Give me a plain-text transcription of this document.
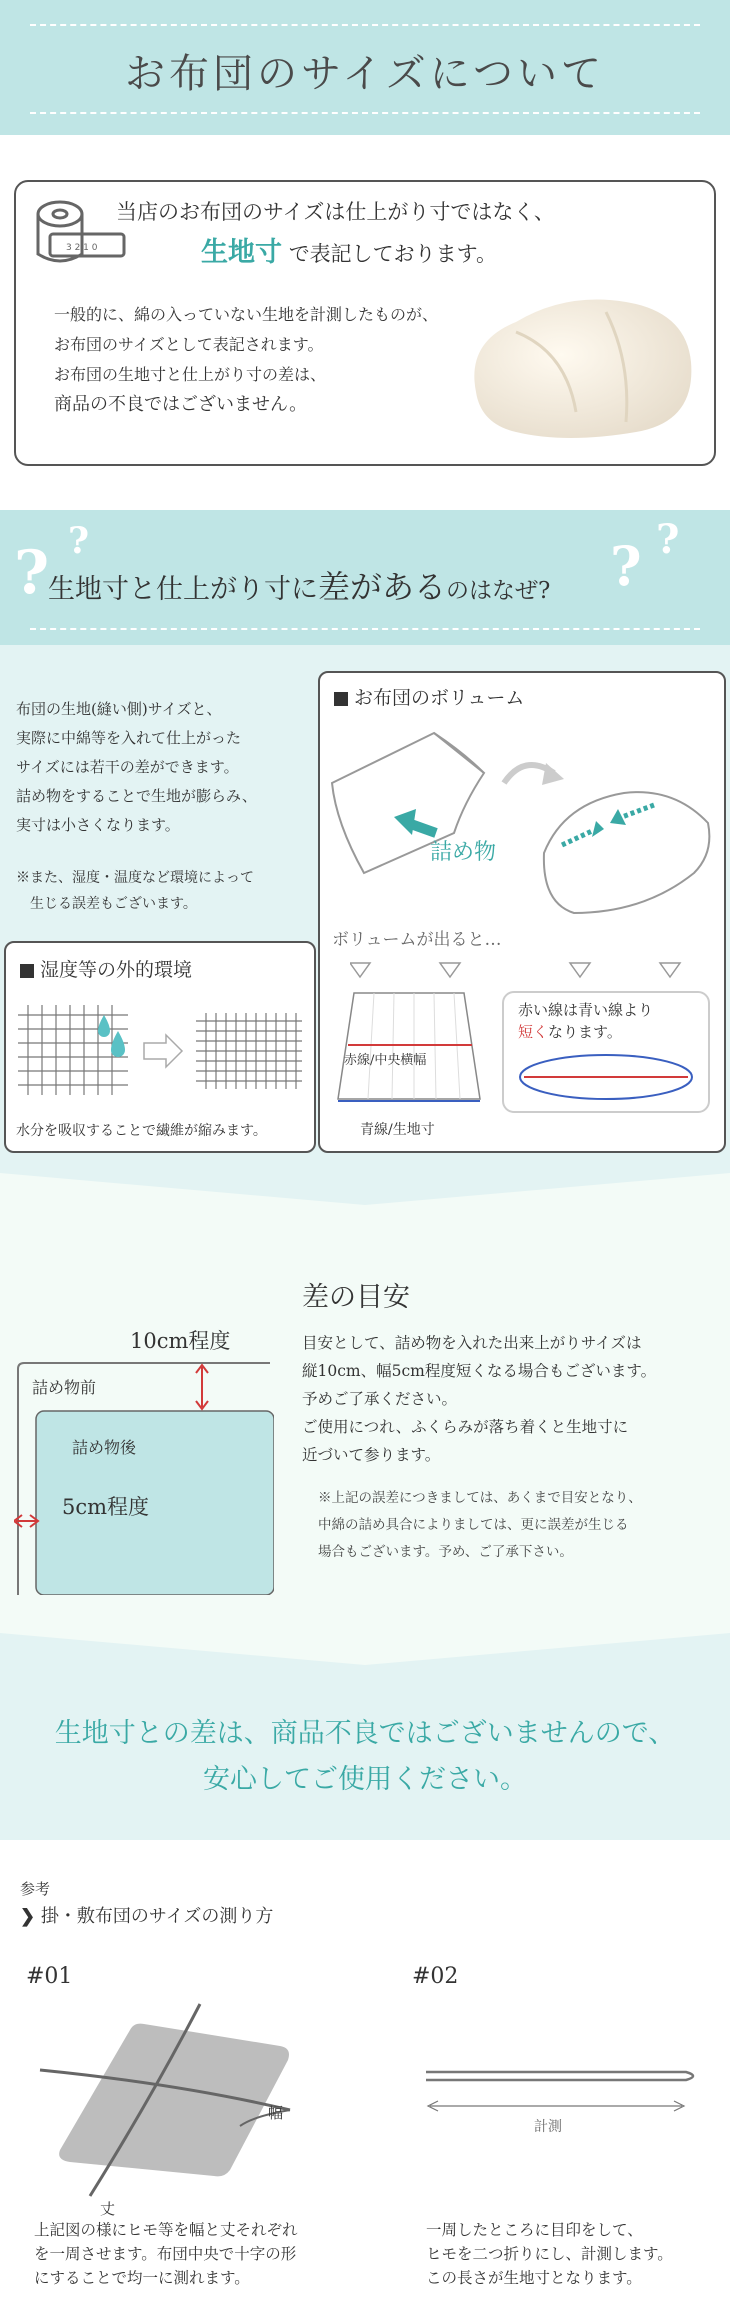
お布団のサイズについて
3 2 1 0
当店のお布団のサイズは仕上がり寸ではなく、
生地寸 で表記しております。
一般的に、綿の入っていない生地を計測したものが、
お布団のサイズとして表記されます。
お布団の生地寸と仕上がり寸の差は、
商品の不良ではございません。
? ?	? ?
生地寸と仕上がり寸に差があるのはなぜ?
布団の生地(縫い側)サイズと、
実際に中綿等を入れて仕上がった
サイズには若干の差ができます。
詰め物をすることで生地が膨らみ、
実寸は小さくなります。
※また、湿度・温度など環境によって
生じる誤差もございます。
湿度等の外的環境
水分を吸収することで繊維が縮みます。
お布団のボリューム
詰め物
ボリュームが出ると…
赤線/中央横幅
青線/生地寸
赤い線は青い線より
短くなります。
差の目安
10cm程度
詰め物前
詰め物後
5cm程度
目安として、詰め物を入れた出来上がりサイズは
縦10cm、幅5cm程度短くなる場合もございます。
予めご了承ください。
ご使用につれ、ふくらみが落ち着くと生地寸に
近づいて参ります。
※上記の誤差につきましては、あくまで目安となり、
中綿の詰め具合によりましては、更に誤差が生じる
場合もございます。予め、ご了承下さい。
生地寸との差は、商品不良ではございませんので、
安心してご使用ください。
参考
❯ 掛・敷布団のサイズの測り方
#01
幅
丈
上記図の様にヒモ等を幅と丈それぞれ
を一周させます。布団中央で十字の形
にすることで均一に測れます。
#02
計測
一周したところに目印をして、
ヒモを二つ折りにし、計測します。
この長さが生地寸となります。
